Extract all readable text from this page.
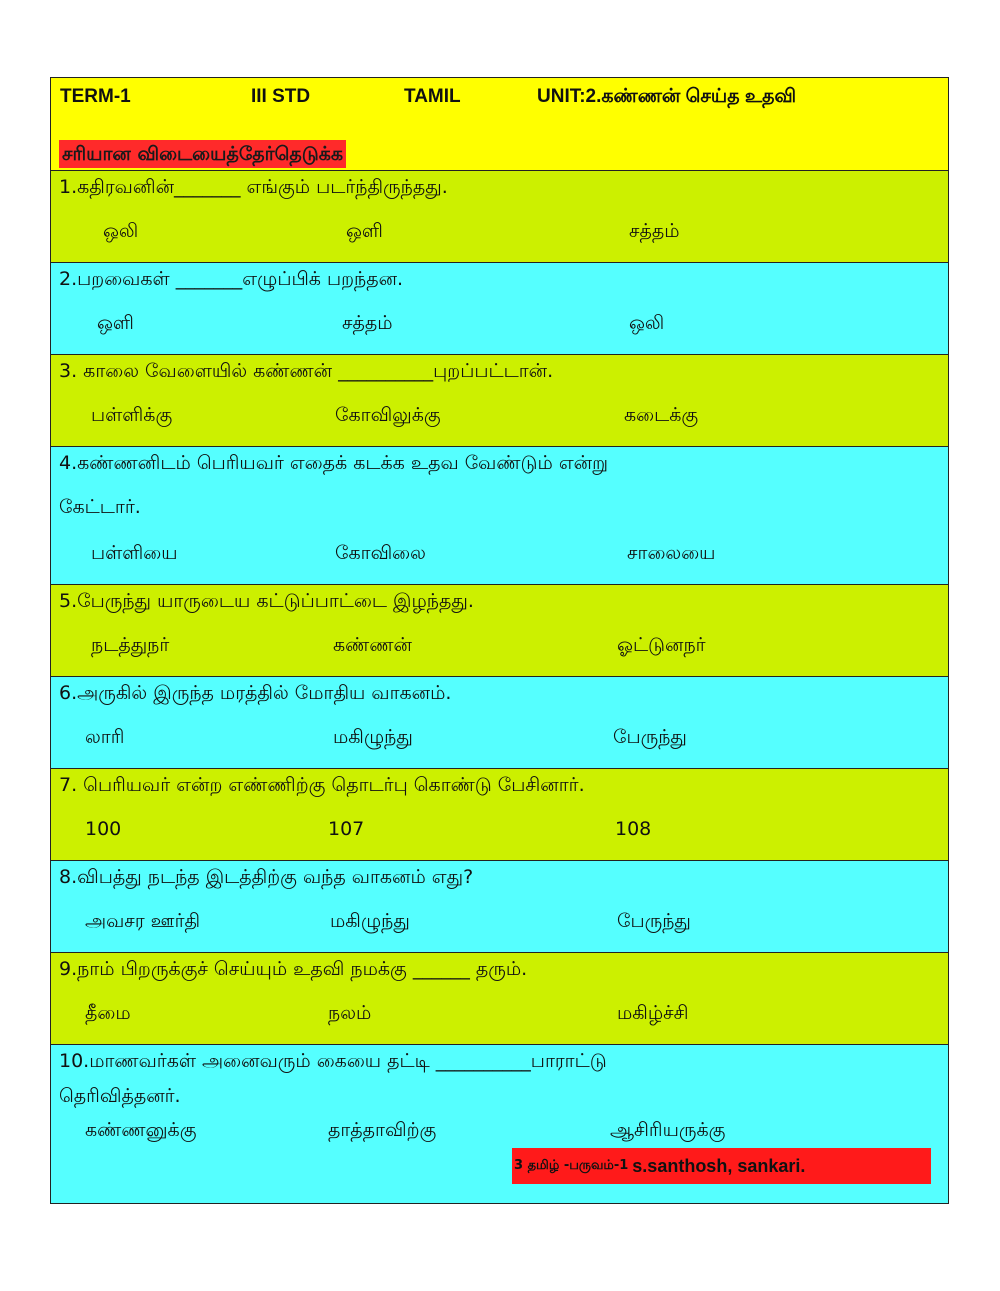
TERM-1	III STD	TAMIL	UNIT:2.கண்ணன் செய்த உதவி
சரியான விடையைத்தேர்தெடுக்க
1.கதிரவனின்_______ எங்கும் படர்ந்திருந்தது.
ஒலி	ஒளி	சத்தம்
2.பறவைகள் _______எழுப்பிக் பறந்தன.
ஒளி	சத்தம்	ஒலி
3. காலை வேளையில் கண்ணன் __________புறப்பட்டான்.
பள்ளிக்கு	கோவிலுக்கு	கடைக்கு
4.கண்ணனிடம் பெரியவர் எதைக் கடக்க உதவ வேண்டும் என்று
கேட்டார்.
பள்ளியை	கோவிலை	சாலையை
5.பேருந்து யாருடைய கட்டுப்பாட்டை இழந்தது.
நடத்துநர்	கண்ணன்	ஓட்டுனநர்
6.அருகில் இருந்த மரத்தில் மோதிய வாகனம்.
லாரி	மகிழுந்து	பேருந்து
7. பெரியவர் என்ற எண்ணிற்கு தொடர்பு கொண்டு பேசினார்.
100	107	108
8.விபத்து நடந்த இடத்திற்கு வந்த வாகனம் எது?
அவசர ஊர்தி	மகிழுந்து	பேருந்து
9.நாம் பிறருக்குச் செய்யும் உதவி நமக்கு ______ தரும்.
தீமை	நலம்	மகிழ்ச்சி
10.மாணவர்கள் அனைவரும் கையை தட்டி __________பாராட்டு
தெரிவித்தனர்.
கண்ணனுக்கு	தாத்தாவிற்கு	ஆசிரியருக்கு
3 தமிழ் -பருவம்-1 s.santhosh, sankari.
